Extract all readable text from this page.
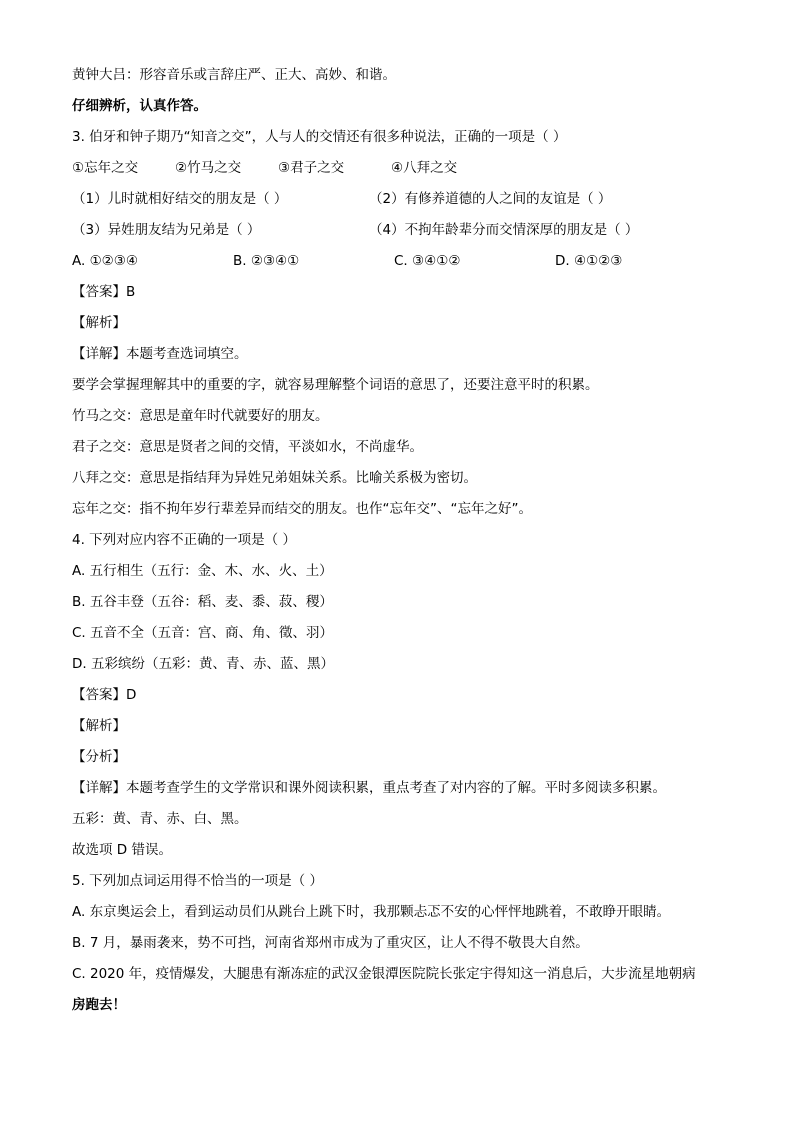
黄钟大吕：形容音乐或言辞庄严、正大、高妙、和谐。
仔细辨析，认真作答。
3. 伯牙和钟子期乃“知音之交”，人与人的交情还有很多种说法，正确的一项是（ ）
①忘年之交	②竹马之交	③君子之交	④八拜之交
（1）儿时就相好结交的朋友是（ ）	（2）有修养道德的人之间的友谊是（ ）
（3）异姓朋友结为兄弟是（ ）	（4）不拘年龄辈分而交情深厚的朋友是（ ）
A. ①②③④	B. ②③④①	C. ③④①②	D. ④①②③
【答案】B
【解析】
【详解】本题考查选词填空。
要学会掌握理解其中的重要的字，就容易理解整个词语的意思了，还要注意平时的积累。
竹马之交：意思是童年时代就要好的朋友。
君子之交：意思是贤者之间的交情，平淡如水，不尚虚华。
八拜之交：意思是指结拜为异姓兄弟姐妹关系。比喻关系极为密切。
忘年之交：指不拘年岁行辈差异而结交的朋友。也作“忘年交”、“忘年之好”。
4. 下列对应内容不正确的一项是（ ）
A. 五行相生（五行：金、木、水、火、土）
B. 五谷丰登（五谷：稻、麦、黍、菽、稷）
C. 五音不全（五音：宫、商、角、徵、羽）
D. 五彩缤纷（五彩：黄、青、赤、蓝、黑）
【答案】D
【解析】
【分析】
【详解】本题考查学生的文学常识和课外阅读积累，重点考查了对内容的了解。平时多阅读多积累。
五彩：黄、青、赤、白、黑。
故选项 D 错误。
5. 下列加点词运用得不恰当的一项是（ ）
A. 东京奥运会上，看到运动员们从跳台上跳下时，我那颗忐忑不安的心怦怦地跳着，不敢睁开眼睛。
B. 7 月，暴雨袭来，势不可挡，河南省郑州市成为了重灾区，让人不得不敬畏大自然。
C. 2020 年，疫情爆发，大腿患有渐冻症的武汉金银潭医院院长张定宇得知这一消息后，大步流星地朝病
房跑去！
